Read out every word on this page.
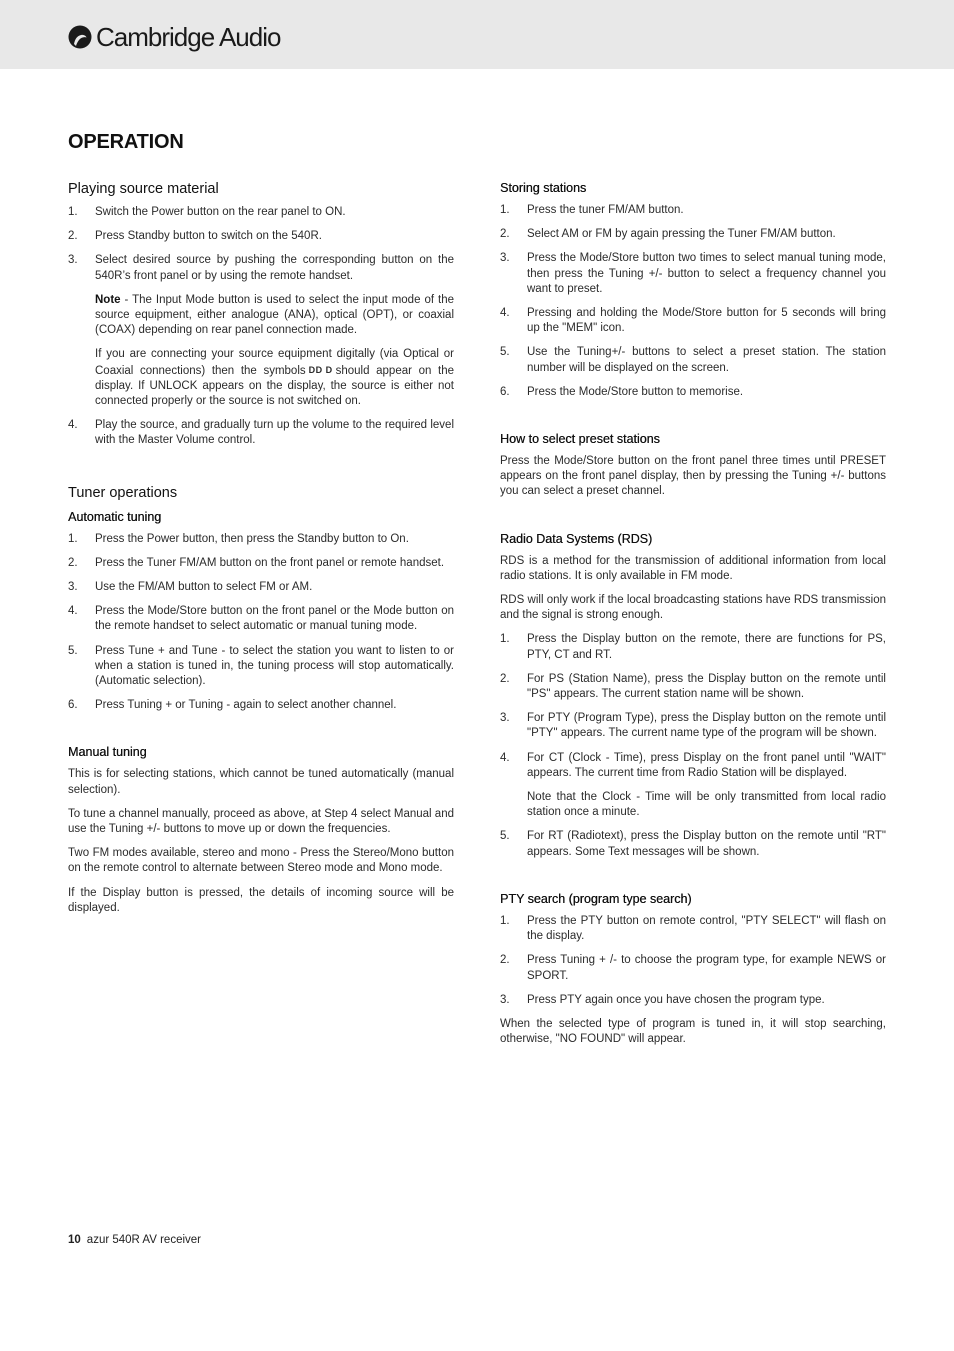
Cambridge Audio
OPERATION
Playing source material
1. Switch the Power button on the rear panel to ON.
2. Press Standby button to switch on the 540R.
3. Select desired source by pushing the corresponding button on the 540R’s front panel or by using the remote handset.

Note - The Input Mode button is used to select the input mode of the source equipment, either analogue (ANA), optical (OPT), or coaxial (COAX) depending on rear panel connection made.

If you are connecting your source equipment digitally (via Optical or Coaxial connections) then the symbols DD D should appear on the display. If UNLOCK appears on the display, the source is either not connected properly or the source is not switched on.

4. Play the source, and gradually turn up the volume to the required level with the Master Volume control.
Tuner operations
Automatic tuning
1. Press the Power button, then press the Standby button to On.
2. Press the Tuner FM/AM button on the front panel or remote handset.
3. Use the FM/AM button to select FM or AM.
4. Press the Mode/Store button on the front panel or the Mode button on the remote handset to select automatic or manual tuning mode.
5. Press Tune + and Tune - to select the station you want to listen to or when a station is tuned in, the tuning process will stop automatically. (Automatic selection).
6. Press Tuning + or Tuning - again to select another channel.
Manual tuning

This is for selecting stations, which cannot be tuned automatically (manual selection).

To tune a channel manually, proceed as above, at Step 4 select Manual and use the Tuning +/- buttons to move up or down the frequencies.

Two FM modes available, stereo and mono - Press the Stereo/Mono button on the remote control to alternate between Stereo mode and Mono mode.

If the Display button is pressed, the details of incoming source will be displayed.

Storing stations
1. Press the tuner FM/AM button.
2. Select AM or FM by again pressing the Tuner FM/AM button.
3. Press the Mode/Store button two times to select manual tuning mode, then press the Tuning +/- button to select a frequency channel you want to preset.
4. Pressing and holding the Mode/Store button for 5 seconds will bring up the "MEM" icon.
5. Use the Tuning+/- buttons to select a preset station. The station number will be displayed on the screen.
6. Press the Mode/Store button to memorise.
How to select preset stations

Press the Mode/Store button on the front panel three times until PRESET appears on the front panel display, then by pressing the Tuning +/- buttons you can select a preset channel.

Radio Data Systems (RDS)

RDS is a method for the transmission of additional information from local radio stations. It is only available in FM mode.

RDS will only work if the local broadcasting stations have RDS transmission and the signal is strong enough.

1. Press the Display button on the remote, there are functions for PS, PTY, CT and RT.
2. For PS (Station Name), press the Display button on the remote until "PS" appears. The current station name will be shown.
3. For PTY (Program Type), press the Display button on the remote until "PTY" appears. The current name type of the program will be shown.
4. For CT (Clock - Time), press Display on the front panel until "WAIT" appears. The current time from Radio Station will be displayed.

Note that the Clock - Time will be only transmitted from local radio station once a minute.

5. For RT (Radiotext), press the Display button on the remote until "RT" appears. Some Text messages will be shown.
PTY search (program type search)
1. Press the PTY button on remote control, "PTY SELECT" will flash on the display.
2. Press Tuning + /- to choose the program type, for example NEWS or SPORT.
3. Press PTY again once you have chosen the program type.

When the selected type of program is tuned in, it will stop searching, otherwise, "NO FOUND" will appear.

10 azur 540R AV receiver
